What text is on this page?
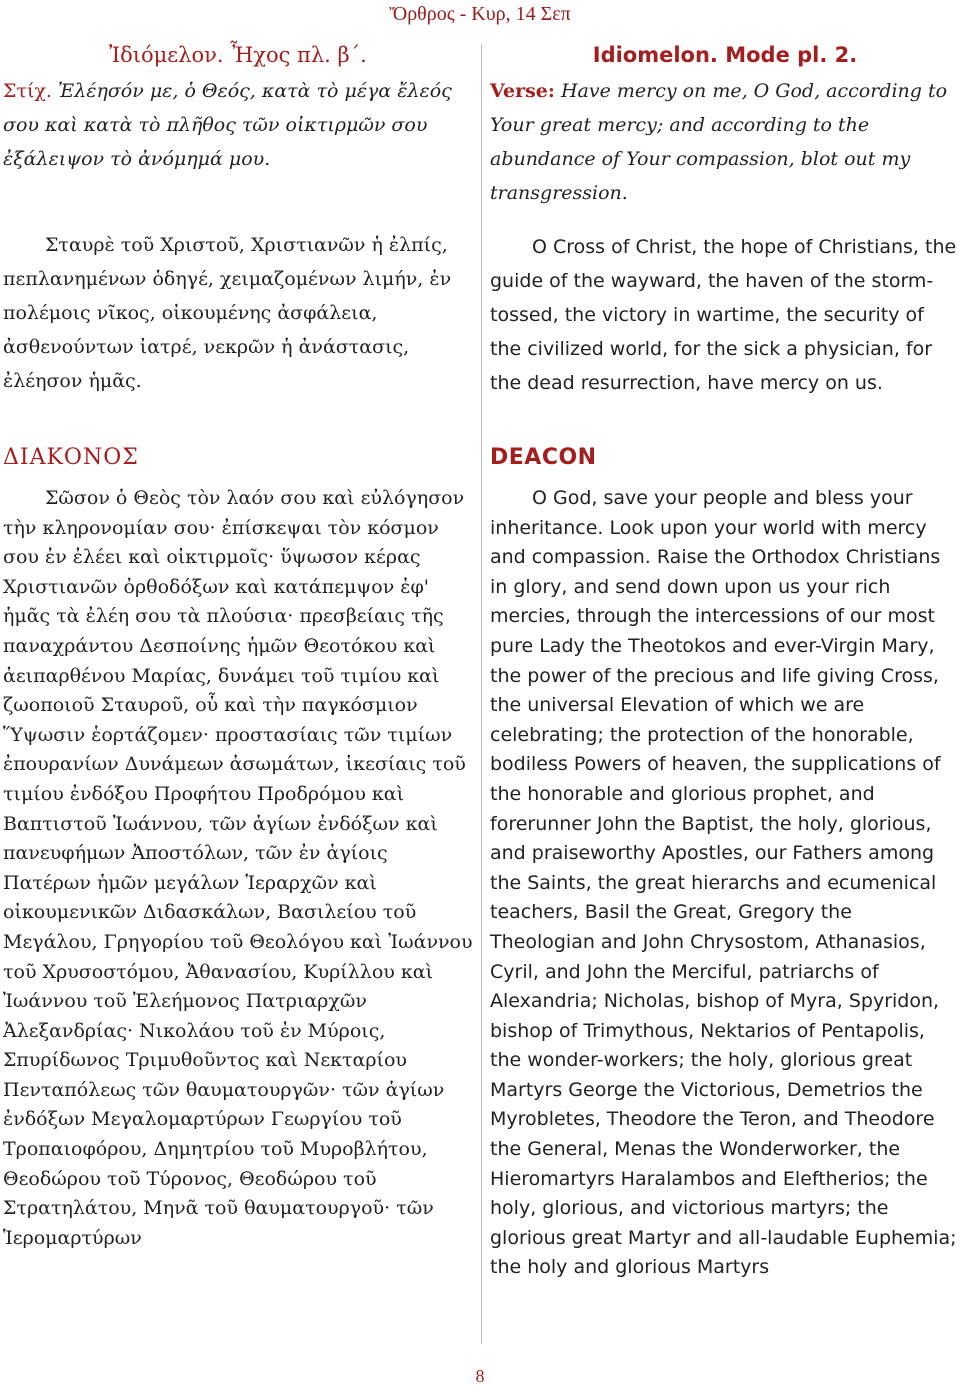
Ὄρθρος - Κυρ, 14 Σεπ

Ἰδιόμελον. Ἦχος πλ. β΄.

Στίχ. Ἐλέησόν με, ὁ Θεός, κατὰ τὸ μέγα ἔλεός σου καὶ κατὰ τὸ πλῆθος τῶν οἰκτιρμῶν σου ἐξάλειψον τὸ ἀνόμημά μου.

Σταυρὲ τοῦ Χριστοῦ, Χριστιανῶν ἡ ἐλπίς, πεπλανημένων ὁδηγέ, χειμαζομένων λιμήν, ἐν πολέμοις νῖκος, οἰκουμένης ἀσφάλεια, ἀσθενούντων ἰατρέ, νεκρῶν ἡ ἀνάστασις, ἐλέησον ἡμᾶς.

ΔΙΑΚΟΝΟΣ

Σῶσον ὁ Θεὸς τὸν λαόν σου καὶ εὐλόγησον τὴν κληρονομίαν σου· ἐπίσκεψαι τὸν κόσμον σου ἐν ἐλέει καὶ οἰκτιρμοῖς· ὕψωσον κέρας Χριστιανῶν ὀρθοδόξων καὶ κατάπεμψον ἐφ' ἡμᾶς τὰ ἐλέη σου τὰ πλούσια· πρεσβείαις τῆς παναχράντου Δεσποίνης ἡμῶν Θεοτόκου καὶ ἀειπαρθένου Μαρίας, δυνάμει τοῦ τιμίου καὶ ζωοποιοῦ Σταυροῦ, οὗ καὶ τὴν παγκόσμιον Ὕψωσιν ἑορτάζομεν· προστασίαις τῶν τιμίων ἐπουρανίων Δυνάμεων ἀσωμάτων, ἱκεσίαις τοῦ τιμίου ἐνδόξου Προφήτου Προδρόμου καὶ Βαπτιστοῦ Ἰωάννου, τῶν ἁγίων ἐνδόξων καὶ πανευφήμων Ἀποστόλων, τῶν ἐν ἁγίοις Πατέρων ἡμῶν μεγάλων Ἱεραρχῶν καὶ οἰκουμενικῶν Διδασκάλων, Βασιλείου τοῦ Μεγάλου, Γρηγορίου τοῦ Θεολόγου καὶ Ἰωάννου τοῦ Χρυσοστόμου, Ἀθανασίου, Κυρίλλου καὶ Ἰωάννου τοῦ Ἐλεήμονος Πατριαρχῶν Ἀλεξανδρίας· Νικολάου τοῦ ἐν Μύροις, Σπυρίδωνος Τριμυθοῦντος καὶ Νεκταρίου Πενταπόλεως τῶν θαυματουργῶν· τῶν ἁγίων ἐνδόξων Μεγαλομαρτύρων Γεωργίου τοῦ Τροπαιοφόρου, Δημητρίου τοῦ Μυροβλήτου, Θεοδώρου τοῦ Τύρονος, Θεοδώρου τοῦ Στρατηλάτου, Μηνᾶ τοῦ θαυματουργοῦ· τῶν Ἱερομαρτύρων

Idiomelon. Mode pl. 2.

Verse: Have mercy on me, O God, according to Your great mercy; and according to the abundance of Your compassion, blot out my transgression.

O Cross of Christ, the hope of Christians, the guide of the wayward, the haven of the storm-tossed, the victory in wartime, the security of the civilized world, for the sick a physician, for the dead resurrection, have mercy on us.

DEACON

O God, save your people and bless your inheritance. Look upon your world with mercy and compassion. Raise the Orthodox Christians in glory, and send down upon us your rich mercies, through the intercessions of our most pure Lady the Theotokos and ever-Virgin Mary, the power of the precious and life giving Cross, the universal Elevation of which we are celebrating; the protection of the honorable, bodiless Powers of heaven, the supplications of the honorable and glorious prophet, and forerunner John the Baptist, the holy, glorious, and praiseworthy Apostles, our Fathers among the Saints, the great hierarchs and ecumenical teachers, Basil the Great, Gregory the Theologian and John Chrysostom, Athanasios, Cyril, and John the Merciful, patriarchs of Alexandria; Nicholas, bishop of Myra, Spyridon, bishop of Trimythous, Nektarios of Pentapolis, the wonder-workers; the holy, glorious great Martyrs George the Victorious, Demetrios the Myrobletes, Theodore the Teron, and Theodore the General, Menas the Wonderworker, the Hieromartyrs Haralambos and Eleftherios; the holy, glorious, and victorious martyrs; the glorious great Martyr and all-laudable Euphemia; the holy and glorious Martyrs

8
